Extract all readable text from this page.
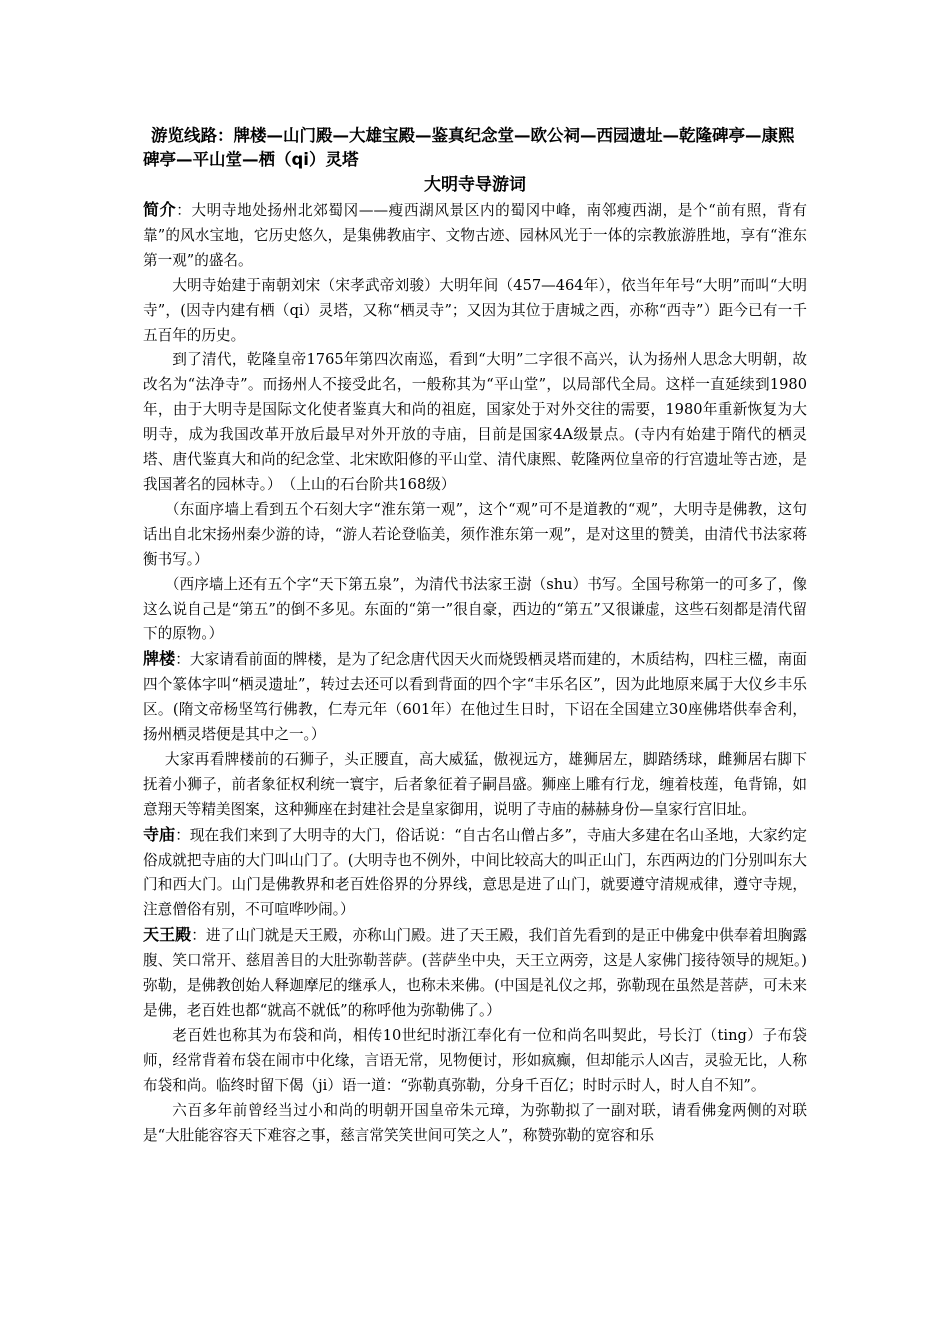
游览线路：牌楼—山门殿—大雄宝殿—鉴真纪念堂—欧公祠—西园遗址—乾隆碑亭—康熙碑亭—平山堂—栖（qi）灵塔

大明寺导游词

简介：大明寺地处扬州北郊蜀冈——瘦西湖风景区内的蜀冈中峰，南邻瘦西湖，是个“前有照，背有靠”的风水宝地，它历史悠久，是集佛教庙宇、文物古迹、园林风光于一体的宗教旅游胜地，享有“淮东第一观”的盛名。

大明寺始建于南朝刘宋（宋孝武帝刘骏）大明年间（457—464年），依当年年号“大明”而叫“大明寺”，(因寺内建有栖（qi）灵塔，又称“栖灵寺”；又因为其位于唐城之西，亦称“西寺”）距今已有一千五百年的历史。

到了清代，乾隆皇帝1765年第四次南巡，看到“大明”二字很不高兴，认为扬州人思念大明朝，故改名为“法净寺”。而扬州人不接受此名，一般称其为“平山堂”，以局部代全局。这样一直延续到1980年，由于大明寺是国际文化使者鉴真大和尚的祖庭，国家处于对外交往的需要，1980年重新恢复为大明寺，成为我国改革开放后最早对外开放的寺庙，目前是国家4A级景点。(寺内有始建于隋代的栖灵塔、唐代鉴真大和尚的纪念堂、北宋欧阳修的平山堂、清代康熙、乾隆两位皇帝的行宫遗址等古迹，是我国著名的园林寺。）　（上山的石台阶共168级）

（东面序墙上看到五个石刻大字“淮东第一观”，这个“观”可不是道教的“观”，大明寺是佛教，这句话出自北宋扬州秦少游的诗，“游人若论登临美，须作淮东第一观”，是对这里的赞美，由清代书法家蒋衡书写。）

（西序墙上还有五个字“天下第五泉”，为清代书法家王澍（shu）书写。全国号称第一的可多了，像这么说自己是“第五”的倒不多见。东面的“第一”很自豪，西边的“第五”又很谦虚，这些石刻都是清代留下的原物。）

牌楼：大家请看前面的牌楼，是为了纪念唐代因天火而烧毁栖灵塔而建的，木质结构，四柱三楹，南面四个篆体字叫“栖灵遗址”，转过去还可以看到背面的四个字“丰乐名区”，因为此地原来属于大仪乡丰乐区。(隋文帝杨坚笃行佛教，仁寿元年（601年）在他过生日时，下诏在全国建立30座佛塔供奉舍利，扬州栖灵塔便是其中之一。）

大家再看牌楼前的石狮子，头正腰直，高大威猛，傲视远方，雄狮居左，脚踏绣球，雌狮居右脚下抚着小狮子，前者象征权利统一寰宇，后者象征着子嗣昌盛。狮座上雕有行龙，缠着枝莲，龟背锦，如意翔天等精美图案，这种狮座在封建社会是皇家御用，说明了寺庙的赫赫身份—皇家行宫旧址。

寺庙：现在我们来到了大明寺的大门，俗话说：“自古名山僧占多”，寺庙大多建在名山圣地，大家约定俗成就把寺庙的大门叫山门了。(大明寺也不例外，中间比较高大的叫正山门，东西两边的门分别叫东大门和西大门。山门是佛教界和老百姓俗界的分界线，意思是进了山门，就要遵守清规戒律，遵守寺规，注意僧俗有别，不可喧哗吵闹。）

天王殿：进了山门就是天王殿，亦称山门殿。进了天王殿，我们首先看到的是正中佛龛中供奉着坦胸露腹、笑口常开、慈眉善目的大肚弥勒菩萨。(菩萨坐中央，天王立两旁，这是人家佛门接待领导的规矩。)弥勒，是佛教创始人释迦摩尼的继承人，也称未来佛。(中国是礼仪之邦，弥勒现在虽然是菩萨，可未来是佛，老百姓也都“就高不就低”的称呼他为弥勒佛了。）

老百姓也称其为布袋和尚，相传10世纪时浙江奉化有一位和尚名叫契此，号长汀（ting）子布袋师，经常背着布袋在闹市中化缘，言语无常，见物便讨，形如疯癫，但却能示人凶吉，灵验无比，人称布袋和尚。临终时留下偈（ji）语一道：“弥勒真弥勒，分身千百亿；时时示时人，时人自不知”。

六百多年前曾经当过小和尚的明朝开国皇帝朱元璋，为弥勒拟了一副对联，请看佛龛两侧的对联是“大肚能容容天下难容之事，慈言常笑笑世间可笑之人”，称赞弥勒的宽容和乐
